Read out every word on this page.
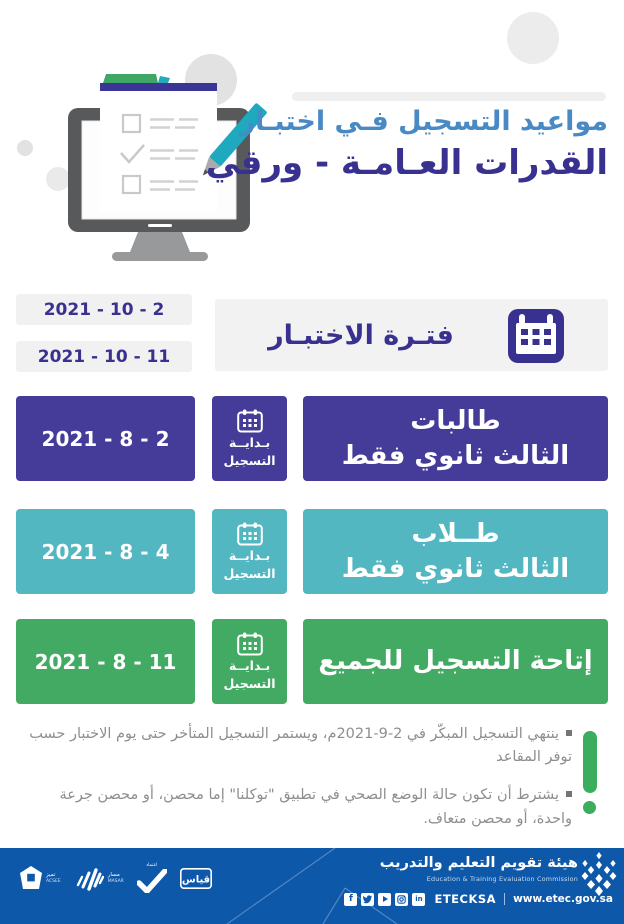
مواعيد التسجيل فـي اختبـار
القدرات العـامـة - ورقي
2021 - 10 - 2
2021 - 10 - 11
فتـرة الاختبـار
طالبات
الثالث ثانوي فقط
بـدايــة
التسجيل
2021 - 8 - 2
طــلاب
الثالث ثانوي فقط
بـدايــة
التسجيل
2021 - 8 - 4
إتاحة التسجيل للجميع
بـدايــة
التسجيل
2021 - 8 - 11
ينتهي التسجيل المبكّر في 2-9-2021م، ويستمر التسجيل المتأخر حتى يوم الاختبار حسب توفر المقاعد
يشترط أن تكون حالة الوضع الصحي في تطبيق "توكلنا" إما محصن، أو محصن جرعة واحدة، أو محصن متعاف.
تميز
ACSEE
مسار
MASAR
اعتماد
قياس
هيئة تقويم التعليم والتدريب
Education & Training Evaluation Commission
f	in ETECKSA www.etec.gov.sa
